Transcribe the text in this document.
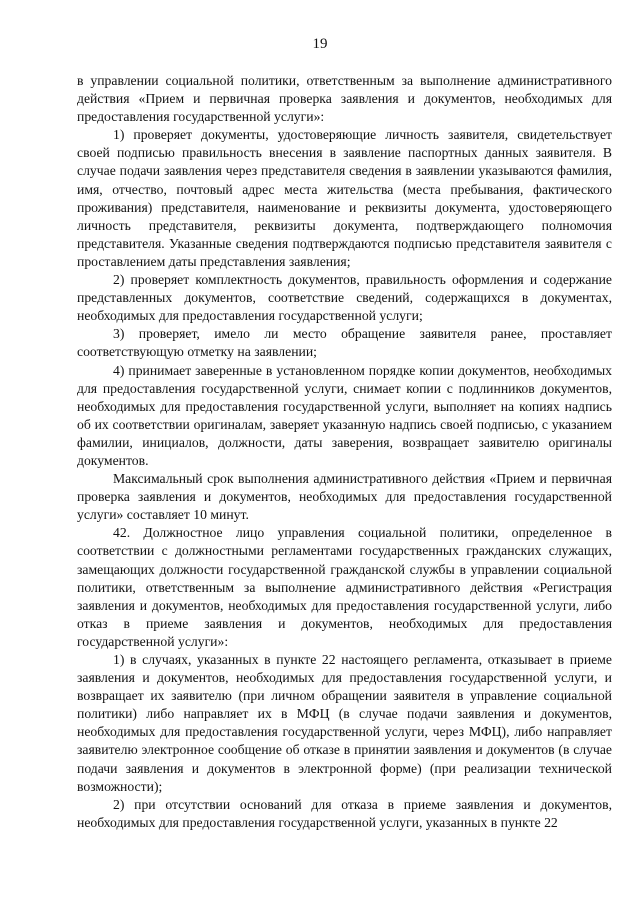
19

в управлении социальной политики, ответственным за выполнение административного действия «Прием и первичная проверка заявления и документов, необходимых для предоставления государственной услуги»:

1) проверяет документы, удостоверяющие личность заявителя, свидетельствует своей подписью правильность внесения в заявление паспортных данных заявителя. В случае подачи заявления через представителя сведения в заявлении указываются фамилия, имя, отчество, почтовый адрес места жительства (места пребывания, фактического проживания) представителя, наименование и реквизиты документа, удостоверяющего личность представителя, реквизиты документа, подтверждающего полномочия представителя. Указанные сведения подтверждаются подписью представителя заявителя с проставлением даты представления заявления;

2) проверяет комплектность документов, правильность оформления и содержание представленных документов, соответствие сведений, содержащихся в документах, необходимых для предоставления государственной услуги;

3) проверяет, имело ли место обращение заявителя ранее, проставляет соответствующую отметку на заявлении;

4) принимает заверенные в установленном порядке копии документов, необходимых для предоставления государственной услуги, снимает копии с подлинников документов, необходимых для предоставления государственной услуги, выполняет на копиях надпись об их соответствии оригиналам, заверяет указанную надпись своей подписью, с указанием фамилии, инициалов, должности, даты заверения, возвращает заявителю оригиналы документов.

Максимальный срок выполнения административного действия «Прием и первичная проверка заявления и документов, необходимых для предоставления государственной услуги» составляет 10 минут.

42. Должностное лицо управления социальной политики, определенное в соответствии с должностными регламентами государственных гражданских служащих, замещающих должности государственной гражданской службы в управлении социальной политики, ответственным за выполнение административного действия «Регистрация заявления и документов, необходимых для предоставления государственной услуги, либо отказ в приеме заявления и документов, необходимых для предоставления государственной услуги»:

1) в случаях, указанных в пункте 22 настоящего регламента, отказывает в приеме заявления и документов, необходимых для предоставления государственной услуги, и возвращает их заявителю (при личном обращении заявителя в управление социальной политики) либо направляет их в МФЦ (в случае подачи заявления и документов, необходимых для предоставления государственной услуги, через МФЦ), либо направляет заявителю электронное сообщение об отказе в принятии заявления и документов (в случае подачи заявления и документов в электронной форме) (при реализации технической возможности);

2) при отсутствии оснований для отказа в приеме заявления и документов, необходимых для предоставления государственной услуги, указанных в пункте 22
